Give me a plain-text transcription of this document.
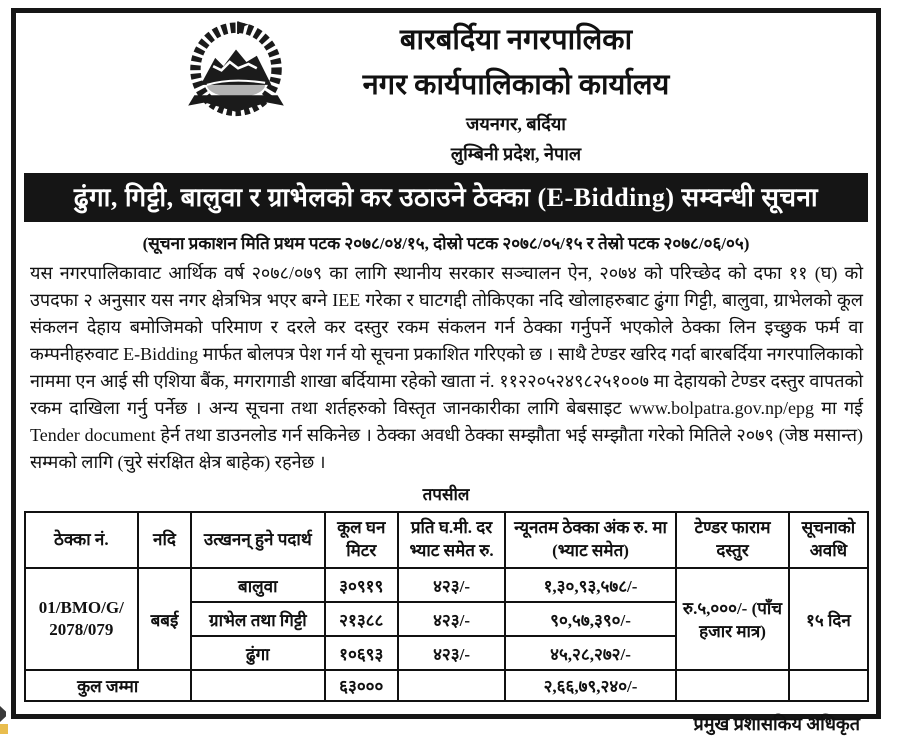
बारबर्दिया नगरपालिका
नगर कार्यपालिकाको कार्यालय
जयनगर, बर्दिया
लुम्बिनी प्रदेश, नेपाल
ढुंगा, गिट्टी, बालुवा र ग्राभेलको कर उठाउने ठेक्का (E-Bidding) सम्वन्धी सूचना
(सूचना प्रकाशन मिति प्रथम पटक २०७८/०४/१५, दोस्रो पटक २०७८/०५/१५ र तेस्रो पटक २०७८/०६/०५)
यस नगरपालिकावाट आर्थिक वर्ष २०७८/०७९ का लागि स्थानीय सरकार सञ्चालन ऐन, २०७४ को परिच्छेद को दफा ११ (घ) को उपदफा २ अनुसार यस नगर क्षेत्रभित्र भएर बग्ने IEE गरेका र घाटगद्दी तोकिएका नदि खोलाहरुबाट ढुंगा गिट्टी, बालुवा, ग्राभेलको कूल संकलन देहाय बमोजिमको परिमाण र दरले कर दस्तुर रकम संकलन गर्न ठेक्का गर्नुपर्ने भएकोले ठेक्का लिन इच्छुक फर्म वा कम्पनीहरुवाट E-Bidding मार्फत बोलपत्र पेश गर्न यो सूचना प्रकाशित गरिएको छ । साथै टेण्डर खरिद गर्दा बारबर्दिया नगरपालिकाको नाममा एन आई सी एशिया बैंक, मगरागाडी शाखा बर्दियामा रहेको खाता नं. ११२२०५२४९८२५१००७ मा देहायको टेण्डर दस्तुर वापतको रकम दाखिला गर्नु पर्नेछ । अन्य सूचना तथा शर्तहरुको विस्तृत जानकारीका लागि बेबसाइट www.bolpatra.gov.np/epg मा गई Tender document हेर्न तथा डाउनलोड गर्न सकिनेछ । ठेक्का अवधी ठेक्का सम्झौता भई सम्झौता गरेको मितिले २०७९ (जेष्ठ मसान्त) सम्मको लागि (चुरे संरक्षित क्षेत्र बाहेक) रहनेछ ।
तपसील
ठेक्का नं.	नदि	उत्खनन् हुने पदार्थ	कूल घन मिटर	प्रति घ.मी. दर भ्याट समेत रु.	न्यूनतम ठेक्का अंक रु. मा (भ्याट समेत)	टेण्डर फाराम दस्तुर	सूचनाको अवधि
01/BMO/G/ 2078/079	बबई	बालुवा	३०९१९	४२३/-	१,३०,९३,५७८/-	रु.५,०००/- (पाँच हजार मात्र)	१५ दिन
		ग्राभेल तथा गिट्टी	२१३८८	४२३/-	९०,५७,३९०/-		
		ढुंगा	१०६९३	४२३/-	४५,२८,२७२/-		
कुल जम्मा			६३०००		२,६६,७९,२४०/-		
प्रमुख प्रशासकिय अधिकृत
